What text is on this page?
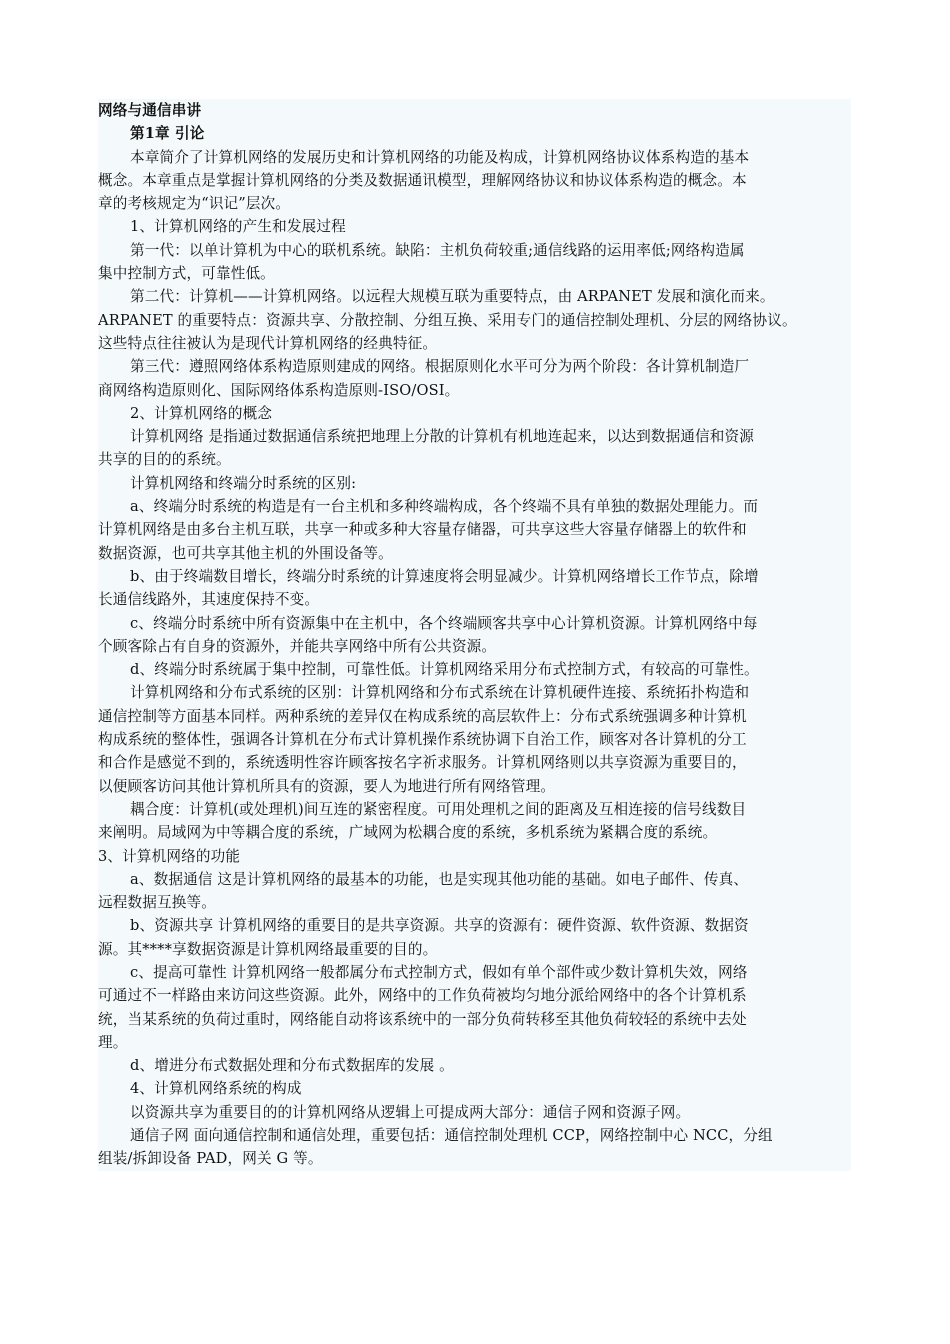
网络与通信串讲
第1章 引论
本章简介了计算机网络的发展历史和计算机网络的功能及构成，计算机网络协议体系构造的基本
概念。本章重点是掌握计算机网络的分类及数据通讯模型，理解网络协议和协议体系构造的概念。本
章的考核规定为“识记”层次。
1、计算机网络的产生和发展过程
第一代：以单计算机为中心的联机系统。缺陷：主机负荷较重;通信线路的运用率低;网络构造属
集中控制方式，可靠性低。
第二代：计算机——计算机网络。以远程大规模互联为重要特点，由 ARPANET 发展和演化而来。
ARPANET 的重要特点：资源共享、分散控制、分组互换、采用专门的通信控制处理机、分层的网络协议。
这些特点往往被认为是现代计算机网络的经典特征。
第三代：遵照网络体系构造原则建成的网络。根据原则化水平可分为两个阶段：各计算机制造厂
商网络构造原则化、国际网络体系构造原则-ISO/OSI。
2、计算机网络的概念
计算机网络 是指通过数据通信系统把地理上分散的计算机有机地连起来，以达到数据通信和资源
共享的目的的系统。
计算机网络和终端分时系统的区别:
a、终端分时系统的构造是有一台主机和多种终端构成，各个终端不具有单独的数据处理能力。而
计算机网络是由多台主机互联，共享一种或多种大容量存储器，可共享这些大容量存储器上的软件和
数据资源，也可共享其他主机的外围设备等。
b、由于终端数目增长，终端分时系统的计算速度将会明显减少。计算机网络增长工作节点，除增
长通信线路外，其速度保持不变。
c、终端分时系统中所有资源集中在主机中，各个终端顾客共享中心计算机资源。计算机网络中每
个顾客除占有自身的资源外，并能共享网络中所有公共资源。
d、终端分时系统属于集中控制，可靠性低。计算机网络采用分布式控制方式，有较高的可靠性。
计算机网络和分布式系统的区别：计算机网络和分布式系统在计算机硬件连接、系统拓扑构造和
通信控制等方面基本同样。两种系统的差异仅在构成系统的高层软件上：分布式系统强调多种计算机
构成系统的整体性，强调各计算机在分布式计算机操作系统协调下自治工作，顾客对各计算机的分工
和合作是感觉不到的，系统透明性容许顾客按名字祈求服务。计算机网络则以共享资源为重要目的，
以便顾客访问其他计算机所具有的资源，要人为地进行所有网络管理。
耦合度：计算机(或处理机)间互连的紧密程度。可用处理机之间的距离及互相连接的信号线数目
来阐明。局域网为中等耦合度的系统，广域网为松耦合度的系统，多机系统为紧耦合度的系统。
3、计算机网络的功能
a、数据通信 这是计算机网络的最基本的功能，也是实现其他功能的基础。如电子邮件、传真、
远程数据互换等。
b、资源共享 计算机网络的重要目的是共享资源。共享的资源有：硬件资源、软件资源、数据资
源。其****享数据资源是计算机网络最重要的目的。
c、提高可靠性 计算机网络一般都属分布式控制方式，假如有单个部件或少数计算机失效，网络
可通过不一样路由来访问这些资源。此外，网络中的工作负荷被均匀地分派给网络中的各个计算机系
统，当某系统的负荷过重时，网络能自动将该系统中的一部分负荷转移至其他负荷较轻的系统中去处
理。
d、增进分布式数据处理和分布式数据库的发展 。
4、计算机网络系统的构成
以资源共享为重要目的的计算机网络从逻辑上可提成两大部分：通信子网和资源子网。
通信子网 面向通信控制和通信处理，重要包括：通信控制处理机 CCP，网络控制中心 NCC，分组
组装/拆卸设备 PAD，网关 G 等。
